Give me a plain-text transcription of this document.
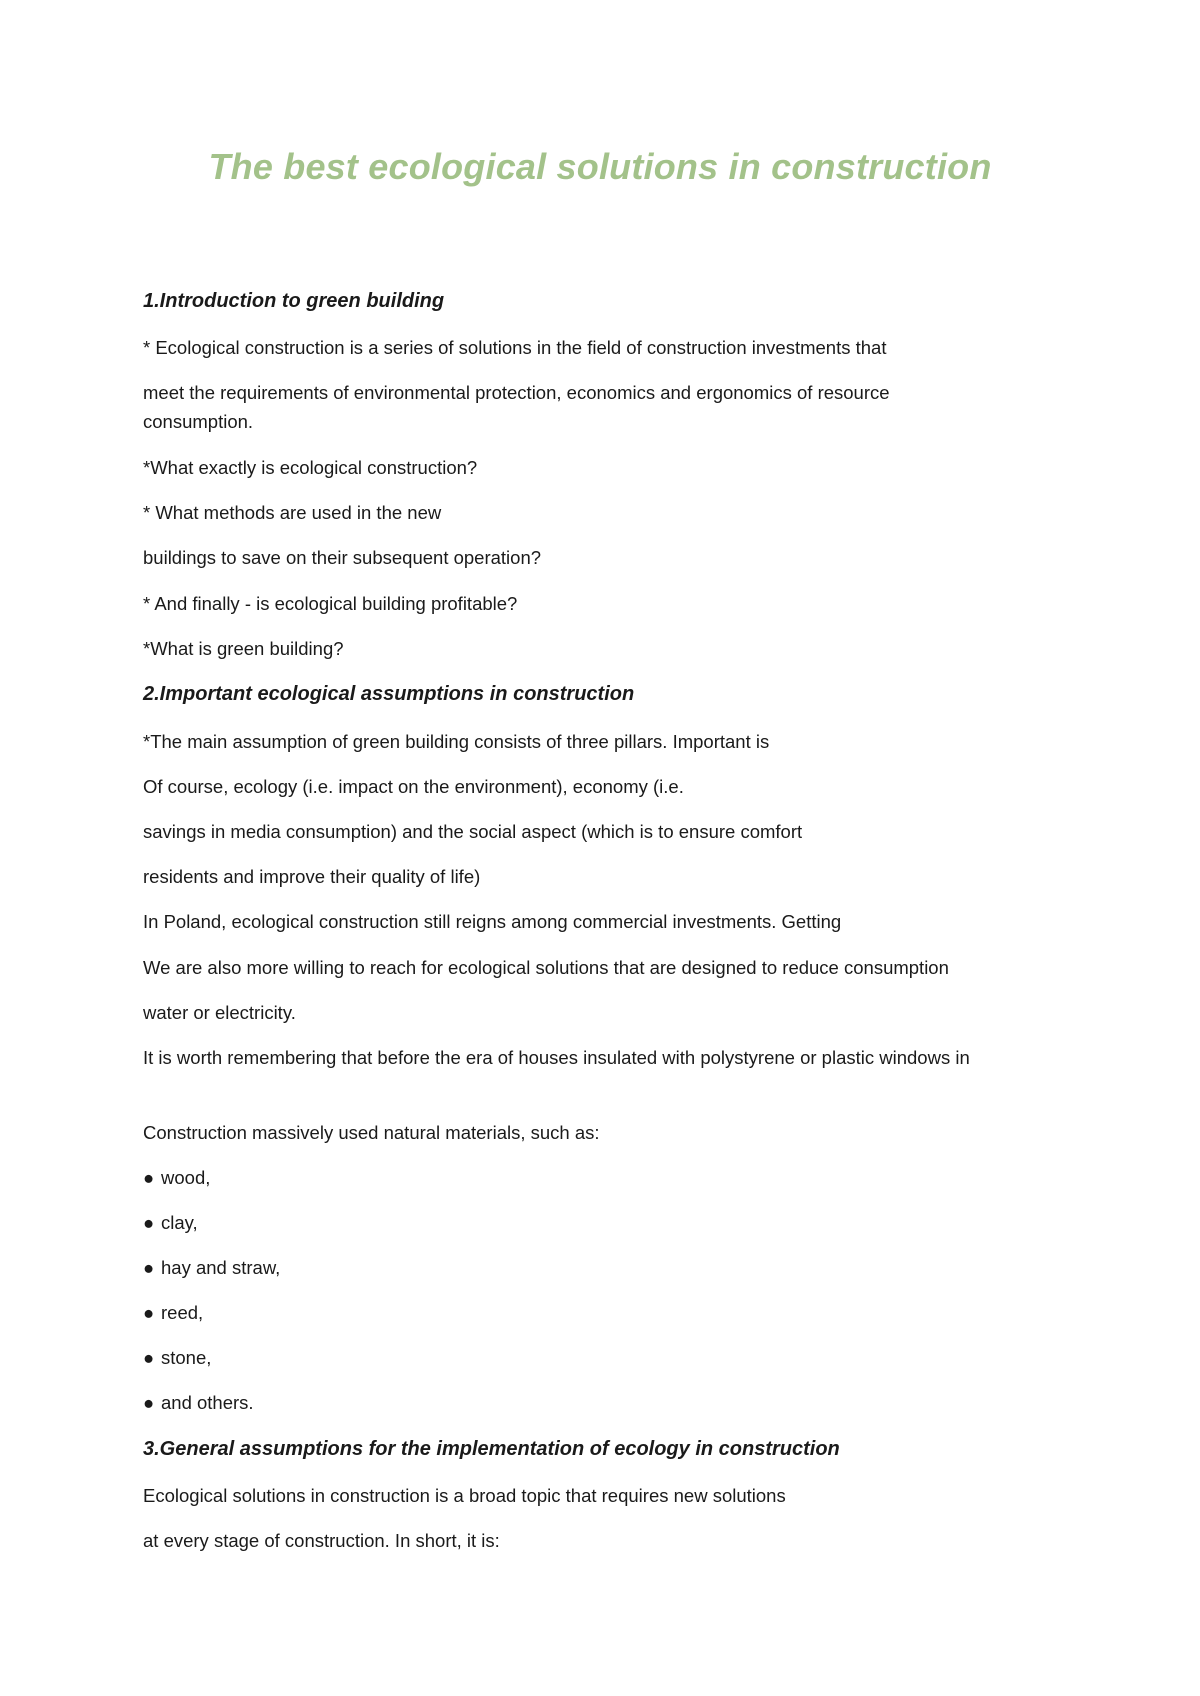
The best ecological solutions in construction
1.Introduction to green building
* Ecological construction is a series of solutions in the field of construction investments that
meet the requirements of environmental protection, economics and ergonomics of resource consumption.
*What exactly is ecological construction?
* What methods are used in the new
buildings to save on their subsequent operation?
* And finally - is ecological building profitable?
*What is green building?
2.Important ecological assumptions in construction
*The main assumption of green building consists of three pillars. Important is
Of course, ecology (i.e. impact on the environment), economy (i.e.
savings in media consumption) and the social aspect (which is to ensure comfort
residents and improve their quality of life)
In Poland, ecological construction still reigns among commercial investments. Getting
We are also more willing to reach for ecological solutions that are designed to reduce consumption
water or electricity.
It is worth remembering that before the era of houses insulated with polystyrene or plastic windows in
Construction massively used natural materials, such as:
● wood,
● clay,
● hay and straw,
● reed,
● stone,
● and others.
3.General assumptions for the implementation of ecology in construction
Ecological solutions in construction is a broad topic that requires new solutions
at every stage of construction. In short, it is:
